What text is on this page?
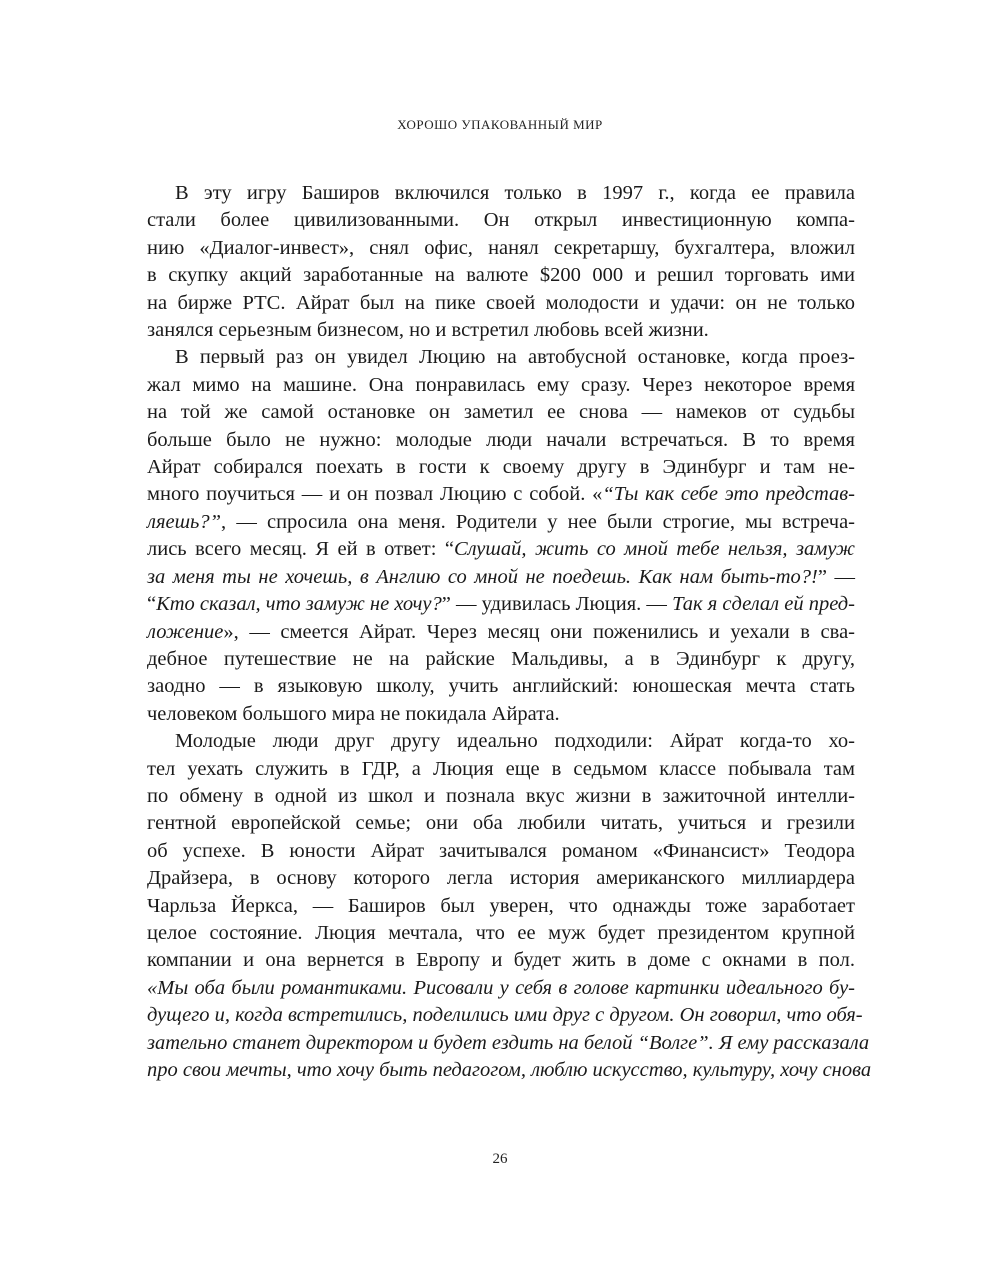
ХОРОШО УПАКОВАННЫЙ МИР

В эту игру Баширов включился только в 1997 г., когда ее правила
стали более цивилизованными. Он открыл инвестиционную компа-
нию «Диалог-инвест», снял офис, нанял секретаршу, бухгалтера, вложил
в скупку акций заработанные на валюте $200 000 и решил торговать ими
на бирже РТС. Айрат был на пике своей молодости и удачи: он не только
занялся серьезным бизнесом, но и встретил любовь всей жизни.

В первый раз он увидел Люцию на автобусной остановке, когда проез-
жал мимо на машине. Она понравилась ему сразу. Через некоторое время
на той же самой остановке он заметил ее снова — намеков от судьбы
больше было не нужно: молодые люди начали встречаться. В то время
Айрат собирался поехать в гости к своему другу в Эдинбург и там не-
много поучиться — и он позвал Люцию с собой. «“Ты как себе это представ-
ляешь?”, — спросила она меня. Родители у нее были строгие, мы встреча-
лись всего месяц. Я ей в ответ: “Слушай, жить со мной тебе нельзя, замуж
за меня ты не хочешь, в Англию со мной не поедешь. Как нам быть-то?!” —
“Кто сказал, что замуж не хочу?” — удивилась Люция. — Так я сделал ей пред-
ложение», — смеется Айрат. Через месяц они поженились и уехали в сва-
дебное путешествие не на райские Мальдивы, а в Эдинбург к другу,
заодно — в языковую школу, учить английский: юношеская мечта стать
человеком большого мира не покидала Айрата.

Молодые люди друг другу идеально подходили: Айрат когда-то хо-
тел уехать служить в ГДР, а Люция еще в седьмом классе побывала там
по обмену в одной из школ и познала вкус жизни в зажиточной интелли-
гентной европейской семье; они оба любили читать, учиться и грезили
об успехе. В юности Айрат зачитывался романом «Финансист» Теодора
Драйзера, в основу которого легла история американского миллиардера
Чарльза Йеркса, — Баширов был уверен, что однажды тоже заработает
целое состояние. Люция мечтала, что ее муж будет президентом крупной
компании и она вернется в Европу и будет жить в доме с окнами в пол.
«Мы оба были романтиками. Рисовали у себя в голове картинки идеального бу-
дущего и, когда встретились, поделились ими друг с другом. Он говорил, что обя-
зательно станет директором и будет ездить на белой “Волге”. Я ему рассказала
про свои мечты, что хочу быть педагогом, люблю искусство, культуру, хочу снова

26
